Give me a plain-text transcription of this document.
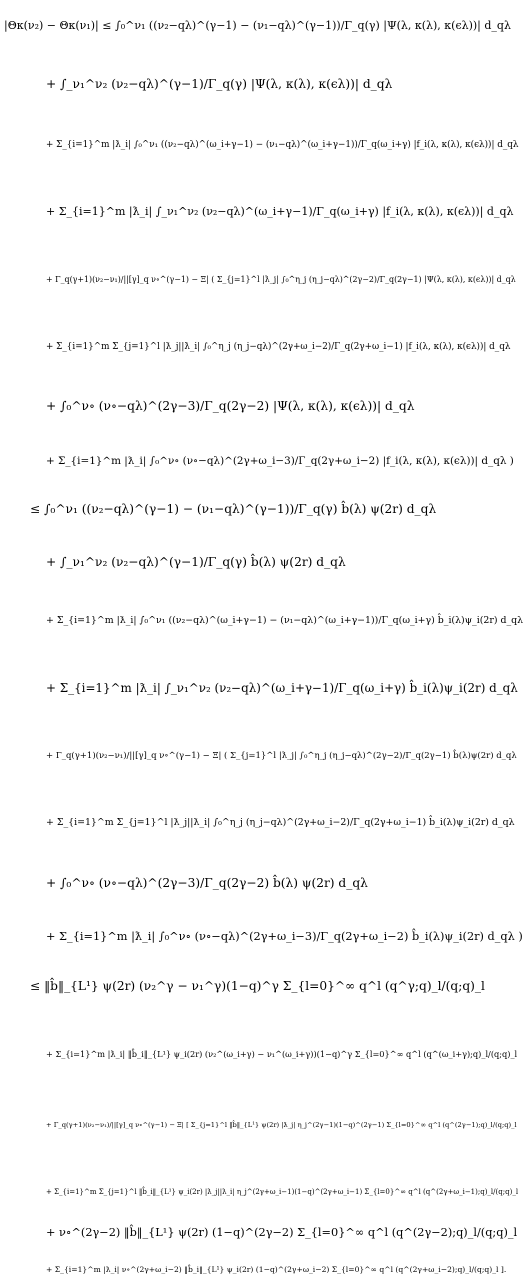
|Θκ(ν₂) − Θκ(ν₁)| ≤ ∫₀^ν₁ ((ν₂−qλ)^(γ−1) − (ν₁−qλ)^(γ−1))/Γ_q(γ) |Ψ(λ, κ(λ), κ(ϵλ))| d_qλ
+ ∫_ν₁^ν₂ (ν₂−qλ)^(γ−1)/Γ_q(γ) |Ψ(λ, κ(λ), κ(ϵλ))| d_qλ
+ Σ_{i=1}^m |ƛ_i| ∫₀^ν₁ ((ν₂−qλ)^(ω_i+γ−1) − (ν₁−qλ)^(ω_i+γ−1))/Γ_q(ω_i+γ) |f_i(λ, κ(λ), κ(ϵλ))| d_qλ
+ Σ_{i=1}^m |ƛ_i| ∫_ν₁^ν₂ (ν₂−qλ)^(ω_i+γ−1)/Γ_q(ω_i+γ) |f_i(λ, κ(λ), κ(ϵλ))| d_qλ
+ Γ_q(γ+1)(ν₂−ν₁)/||[γ]_q ν∘^(γ−1) − Ξ| ( Σ_{j=1}^l |ƛ_j| ∫₀^η_j (η_j−qλ)^(2γ−2)/Γ_q(2γ−1) |Ψ(λ, κ(λ), κ(ϵλ))| d_qλ
+ Σ_{i=1}^m Σ_{j=1}^l |ƛ_j||ƛ_i| ∫₀^η_j (η_j−qλ)^(2γ+ω_i−2)/Γ_q(2γ+ω_i−1) |f_i(λ, κ(λ), κ(ϵλ))| d_qλ
+ ∫₀^ν∘ (ν∘−qλ)^(2γ−3)/Γ_q(2γ−2) |Ψ(λ, κ(λ), κ(ϵλ))| d_qλ
+ Σ_{i=1}^m |ƛ_i| ∫₀^ν∘ (ν∘−qλ)^(2γ+ω_i−3)/Γ_q(2γ+ω_i−2) |f_i(λ, κ(λ), κ(ϵλ))| d_qλ )
≤ ∫₀^ν₁ ((ν₂−qλ)^(γ−1) − (ν₁−qλ)^(γ−1))/Γ_q(γ) b̂(λ) ψ(2r) d_qλ
+ ∫_ν₁^ν₂ (ν₂−qλ)^(γ−1)/Γ_q(γ) b̂(λ) ψ(2r) d_qλ
+ Σ_{i=1}^m |ƛ_i| ∫₀^ν₁ ((ν₂−qλ)^(ω_i+γ−1) − (ν₁−qλ)^(ω_i+γ−1))/Γ_q(ω_i+γ) b̂_i(λ)ψ_i(2r) d_qλ
+ Σ_{i=1}^m |ƛ_i| ∫_ν₁^ν₂ (ν₂−qλ)^(ω_i+γ−1)/Γ_q(ω_i+γ) b̂_i(λ)ψ_i(2r) d_qλ
+ Γ_q(γ+1)(ν₂−ν₁)/||[γ]_q ν∘^(γ−1) − Ξ| ( Σ_{j=1}^l |ƛ_j| ∫₀^η_j (η_j−qλ)^(2γ−2)/Γ_q(2γ−1) b̂(λ)ψ(2r) d_qλ
+ Σ_{i=1}^m Σ_{j=1}^l |ƛ_j||ƛ_i| ∫₀^η_j (η_j−qλ)^(2γ+ω_i−2)/Γ_q(2γ+ω_i−1) b̂_i(λ)ψ_i(2r) d_qλ
+ ∫₀^ν∘ (ν∘−qλ)^(2γ−3)/Γ_q(2γ−2) b̂(λ) ψ(2r) d_qλ
+ Σ_{i=1}^m |ƛ_i| ∫₀^ν∘ (ν∘−qλ)^(2γ+ω_i−3)/Γ_q(2γ+ω_i−2) b̂_i(λ)ψ_i(2r) d_qλ )
≤ ‖b̂‖_{L¹} ψ(2r) (ν₂^γ − ν₁^γ)(1−q)^γ Σ_{l=0}^∞ q^l (q^γ;q)_l/(q;q)_l
+ Σ_{i=1}^m |ƛ_i| ‖b̂_i‖_{L¹} ψ_i(2r) (ν₂^(ω_i+γ) − ν₁^(ω_i+γ))(1−q)^γ Σ_{l=0}^∞ q^l (q^(ω_i+γ);q)_l/(q;q)_l
+ Γ_q(γ+1)(ν₂−ν₁)/||[γ]_q ν∘^(γ−1) − Ξ| [ Σ_{j=1}^l ‖b̂‖_{L¹} ψ(2r) |ƛ_j| η_j^(2γ−1)(1−q)^(2γ−1) Σ_{l=0}^∞ q^l (q^(2γ−1);q)_l/(q;q)_l
+ Σ_{i=1}^m Σ_{j=1}^l ‖b̂_i‖_{L¹} ψ_i(2r) |ƛ_j||ƛ_i| η_j^(2γ+ω_i−1)(1−q)^(2γ+ω_i−1) Σ_{l=0}^∞ q^l (q^(2γ+ω_i−1);q)_l/(q;q)_l
+ ν∘^(2γ−2) ‖b̂‖_{L¹} ψ(2r) (1−q)^(2γ−2) Σ_{l=0}^∞ q^l (q^(2γ−2);q)_l/(q;q)_l
+ Σ_{i=1}^m |ƛ_i| ν∘^(2γ+ω_i−2) ‖b̂_i‖_{L¹} ψ_i(2r) (1−q)^(2γ+ω_i−2) Σ_{l=0}^∞ q^l (q^(2γ+ω_i−2);q)_l/(q;q)_l ].
